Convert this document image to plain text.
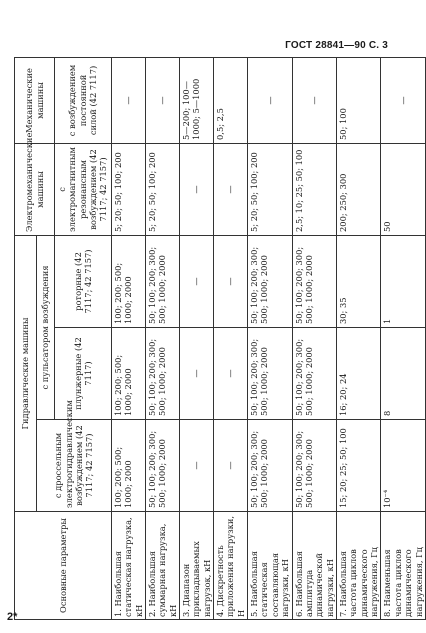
ГОСТ 28841—90 С. 3
Основные параметры	Гидравлические машины			Электромеханические машины	Механические машины
	с дроссельным электрогидравлическим возбуждением (42 7117; 42 7157)	с пульсатором возбуждения			
		плунжерные (42 7117)	роторные (42 7117; 42 7157)	с электромагнитным резонансным возбуждением (42 7117; 42 7157)	с возбуждением постоянной силой (42 7117)
1. Наибольшая статическая нагрузка, кН	100; 200; 500; 1000; 2000	100; 200; 500; 1000; 2000	100; 200; 500; 1000; 2000	5; 20; 50; 100; 200	—
2. Наибольшая суммарная нагрузка, кН	50; 100; 200; 300; 500; 1000; 2000	50; 100; 200; 300; 500; 1000; 2000	50; 100; 200; 300; 500; 1000; 2000	5; 20; 50; 100; 200	—
3. Диапазон прикладываемых нагрузок, кН	—	—	—	—	5—200; 100—1000; 5—1000
4. Дискретность приложения нагрузки, Н	—	—	—	—	0,5; 2,5
5. Наибольшая статическая составляющая нагрузки, кН	50; 100; 200; 300; 500; 1000; 2000	50; 100; 200; 300; 500; 1000; 2000	50; 100; 200; 300; 500; 1000; 2000	5; 20; 50; 100; 200	—
6. Наибольшая амплитуда динамической нагрузки, кН	50; 100; 200; 300; 500; 1000; 2000	50; 100; 200; 300; 500; 1000; 2000	50; 100; 200; 300; 500; 1000; 2000	2,5; 10; 25; 50; 100	—
7. Наибольшая частота циклов динамического нагружения, Гц	15; 20; 25; 50; 100	16; 20; 24	30; 35	200; 250; 300	50; 100
8. Наименьшая частота циклов динамического нагружения, Гц	10⁻⁴	8	1	50	—
2*
